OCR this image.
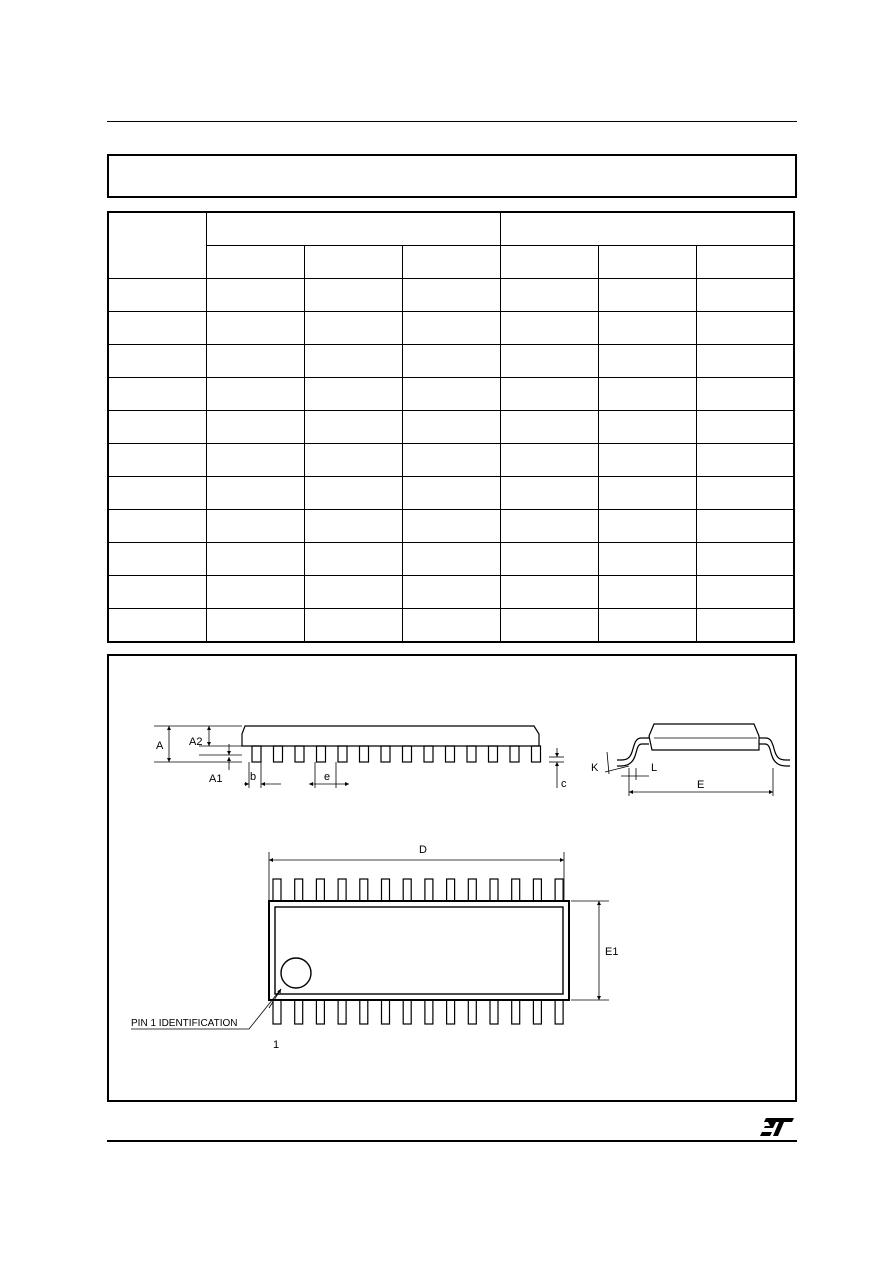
A A2
A1	b	e
c
K	L
E
D
E1
PIN 1 IDENTIFICATION
1
